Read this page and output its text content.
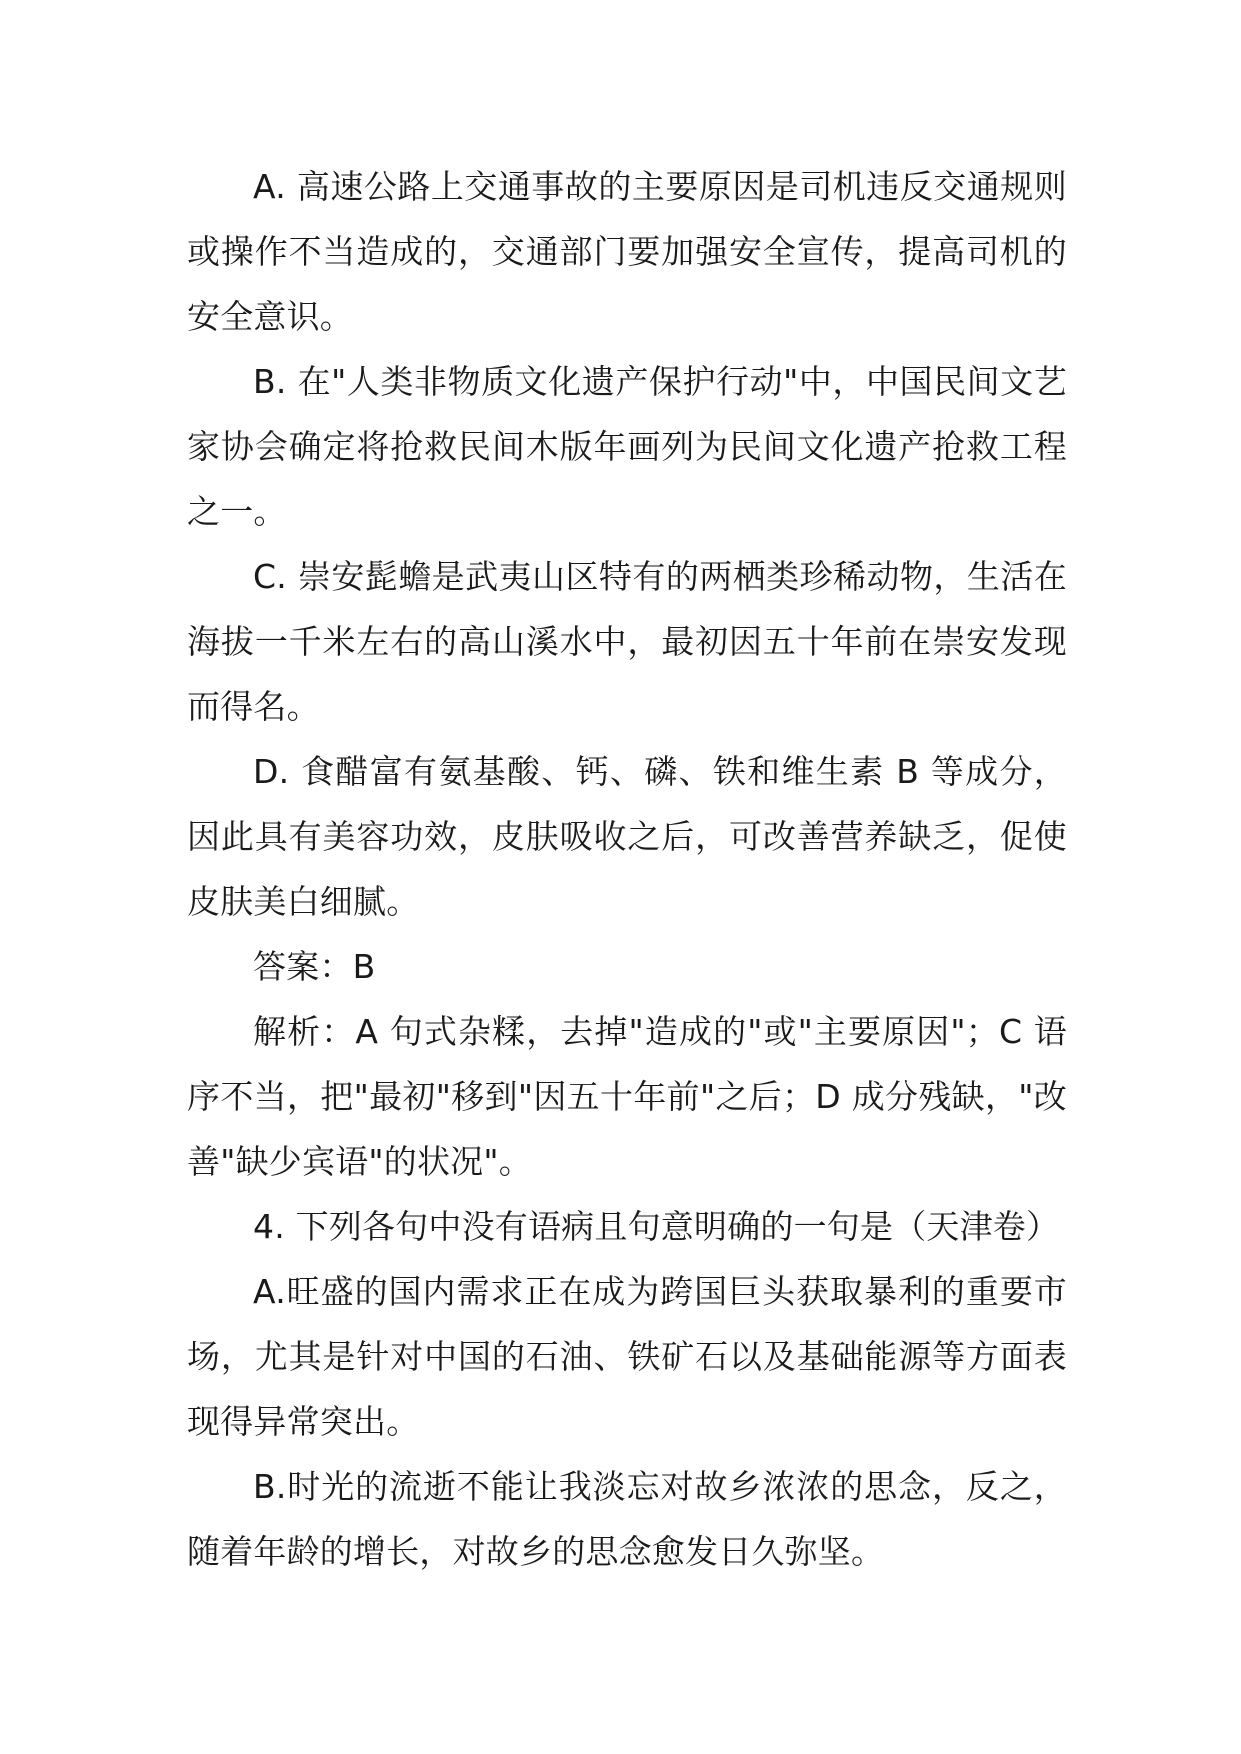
A. 高速公路上交通事故的主要原因是司机违反交通规则或操作不当造成的，交通部门要加强安全宣传，提高司机的安全意识。

B. 在"人类非物质文化遗产保护行动"中，中国民间文艺家协会确定将抢救民间木版年画列为民间文化遗产抢救工程之一。

C. 崇安髭蟾是武夷山区特有的两栖类珍稀动物，生活在海拔一千米左右的高山溪水中，最初因五十年前在崇安发现而得名。

D. 食醋富有氨基酸、钙、磷、铁和维生素 B 等成分，因此具有美容功效，皮肤吸收之后，可改善营养缺乏，促使皮肤美白细腻。

答案：B

解析：A 句式杂糅，去掉"造成的"或"主要原因"；C 语序不当，把"最初"移到"因五十年前"之后；D 成分残缺，"改善"缺少宾语"的状况"。

4. 下列各句中没有语病且句意明确的一句是（天津卷）

A.旺盛的国内需求正在成为跨国巨头获取暴利的重要市场，尤其是针对中国的石油、铁矿石以及基础能源等方面表现得异常突出。

B.时光的流逝不能让我淡忘对故乡浓浓的思念，反之，随着年龄的增长，对故乡的思念愈发日久弥坚。
